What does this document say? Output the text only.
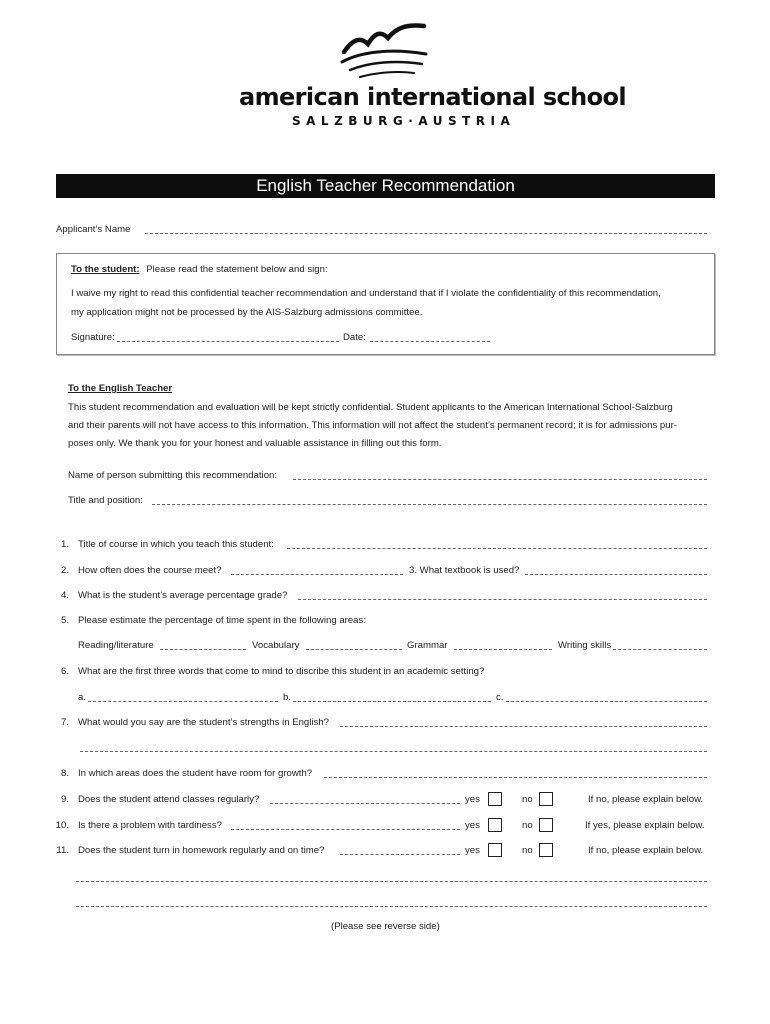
american international school
SALZBURG·AUSTRIA
English Teacher Recommendation
Applicant’s Name
To the student: Please read the statement below and sign:
I waive my right to read this confidential teacher recommendation and understand that if I violate the confidentiality of this recommendation,
my application might not be processed by the AIS-Salzburg admissions committee.
Signature:	Date:
To the English Teacher
This student recommendation and evaluation will be kept strictly confidential. Student applicants to the American International School-Salzburg
and their parents will not have access to this information. This information will not affect the student’s permanent record; it is for admissions pur-
poses only. We thank you for your honest and valuable assistance in filling out this form.
Name of person submitting this recommendation:
Title and position:
1. Title of course in which you teach this student:
2. How often does the course meet?	3. What textbook is used?
4. What is the student’s average percentage grade?
5. Please estimate the percentage of time spent in the following areas:
Reading/literature	Vocabulary	Grammar	Writing skills
6. What are the first three words that come to mind to discribe this student in an academic setting?
a.	b.	c.
7. What would you say are the student’s strengths in English?
8. In which areas does the student have room for growth?
9. Does the student attend classes regularly?	yes	no	If no, please explain below.
10. Is there a problem with tardiness?	yes	no	If yes, please explain below.
11. Does the student turn in homework regularly and on time?	yes	no	If no, please explain below.
(Please see reverse side)
